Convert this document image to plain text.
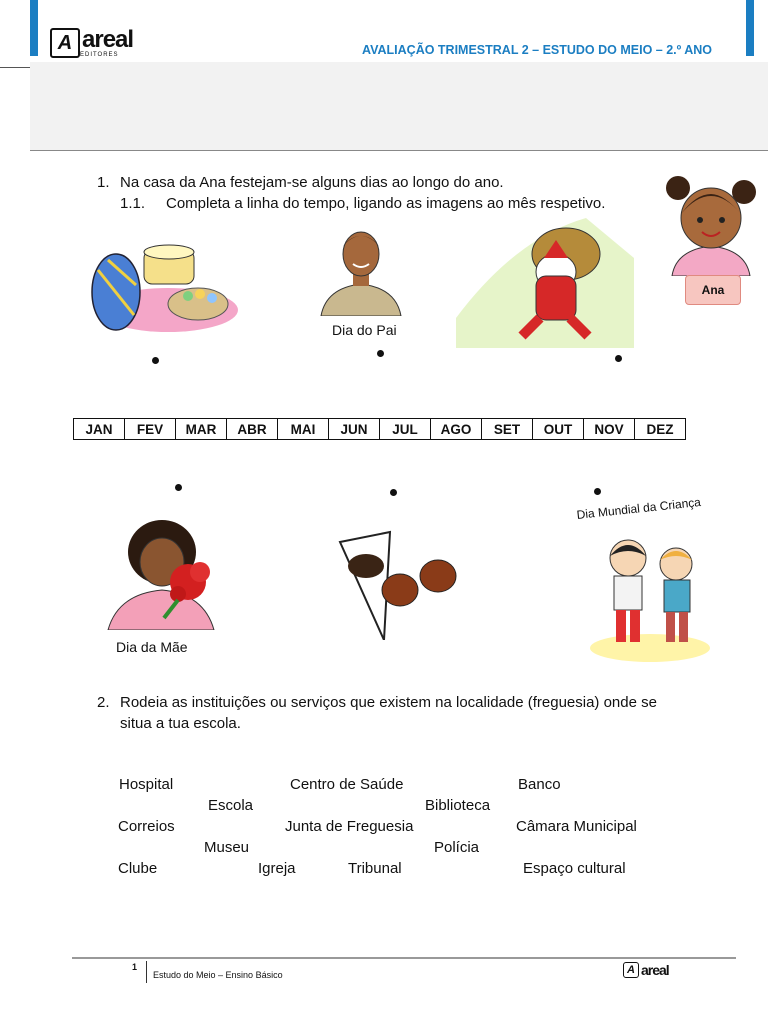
A areal
EDITORES	AVALIAÇÃO TRIMESTRAL 2 – ESTUDO DO MEIO – 2.º ANO
1. Na casa da Ana festejam-se alguns dias ao longo do ano.
1.1. Completa a linha do tempo, ligando as imagens ao mês respetivo.
Dia do Pai
Ana
JAN	FEV	MAR	ABR	MAI	JUN	JUL	AGO	SET	OUT	NOV	DEZ
Dia da Mãe
Dia Mundial da Criança
2. Rodeia as instituições ou serviços que existem na localidade (freguesia) onde se
situa a tua escola.
Hospital	Centro de Saúde	Banco
Escola	Biblioteca
Correios	Junta de Freguesia	Câmara Municipal
Museu	Polícia
Clube	Igreja	Tribunal	Espaço cultural
1
Estudo do Meio – Ensino Básico	A areal
